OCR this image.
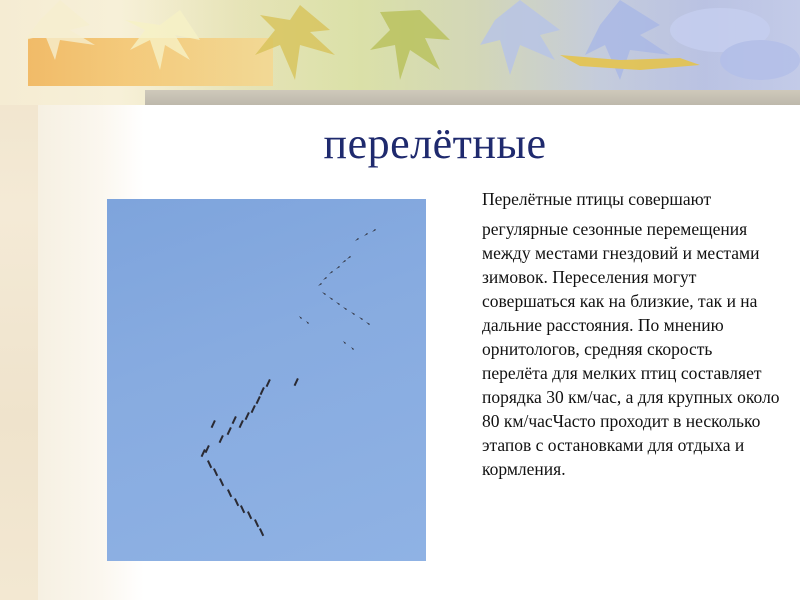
перелётные

Перелётные птицы совершают

регулярные сезонные перемещения между местами гнездовий и местами зимовок. Переселения могут совершаться как на близкие, так и на дальние расстояния. По мнению орнитологов, средняя скорость перелёта для мелких птиц составляет порядка 30 км/час, а для крупных около 80 км/часЧасто проходит в несколько этапов с остановками для отдыха и кормления.
